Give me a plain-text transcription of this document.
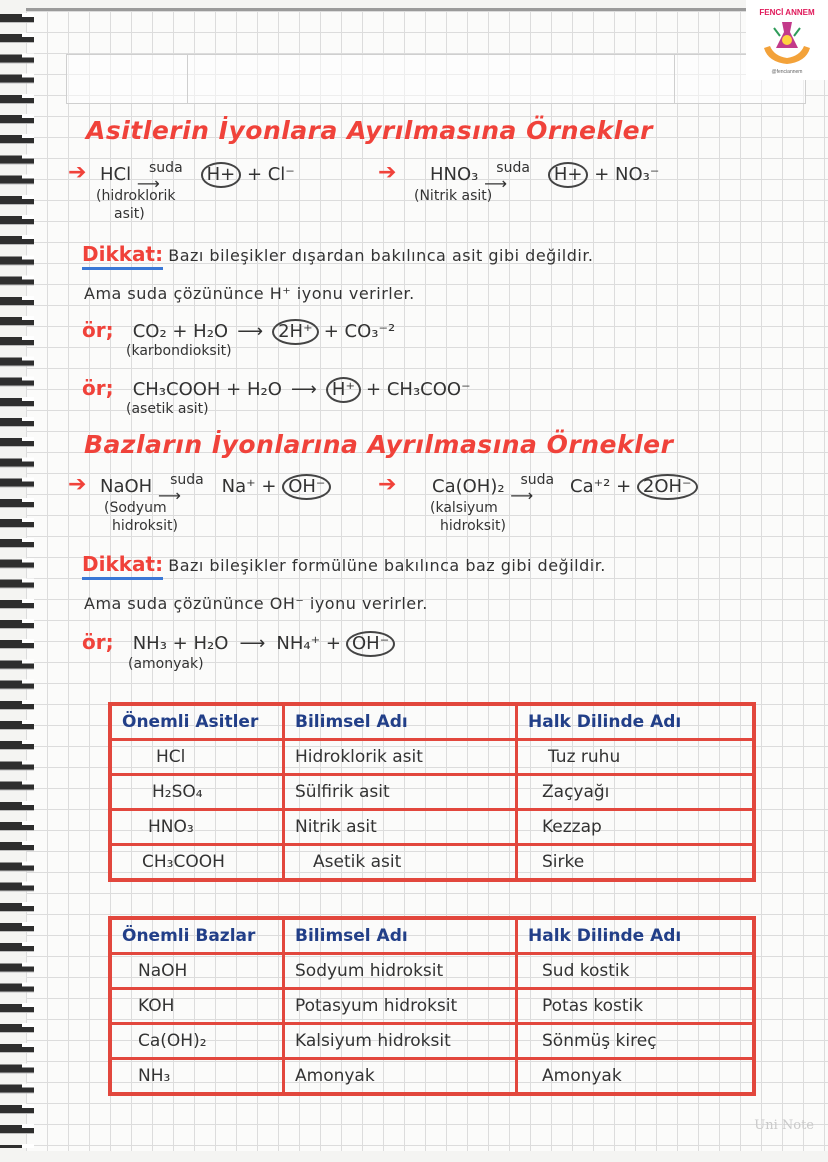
FENCİ ANNEM
@fenciannem
Asitlerin İyonlara Ayrılmasına Örnekler
➔ HCl suda
⟶	H+ + Cl⁻
(hidroklorik
asit)
➔ HNO₃ suda
⟶	H+ + NO₃⁻
(Nitrik asit)
Dikkat: Bazı bileşikler dışardan bakılınca asit gibi değildir.
Ama suda çözününce H⁺ iyonu verirler.
ör; CO₂ + H₂O ⟶ 2H⁺ + CO₃⁻²
(karbondioksit)
ör; CH₃COOH + H₂O ⟶ H⁺ + CH₃COO⁻
(asetik asit)
Bazların İyonlarına Ayrılmasına Örnekler
➔ NaOH suda
⟶ Na⁺ + OH⁻
(Sodyum
hidroksit)
➔ Ca(OH)₂ suda
⟶ Ca⁺² + 2OH⁻
(kalsiyum
hidroksit)
Dikkat: Bazı bileşikler formülüne bakılınca baz gibi değildir.
Ama suda çözününce OH⁻ iyonu verirler.
ör; NH₃ + H₂O ⟶ NH₄⁺ + OH⁻
(amonyak)
Önemli Asitler	Bilimsel Adı	Halk Dilinde Adı
HCl	Hidroklorik asit	Tuz ruhu
H₂SO₄	Sülfirik asit	Zaçyağı
HNO₃	Nitrik asit	Kezzap
CH₃COOH	Asetik asit	Sirke
Önemli Bazlar	Bilimsel Adı	Halk Dilinde Adı
NaOH	Sodyum hidroksit	Sud kostik
KOH	Potasyum hidroksit	Potas kostik
Ca(OH)₂	Kalsiyum hidroksit	Sönmüş kireç
NH₃	Amonyak	Amonyak
Uni Note
